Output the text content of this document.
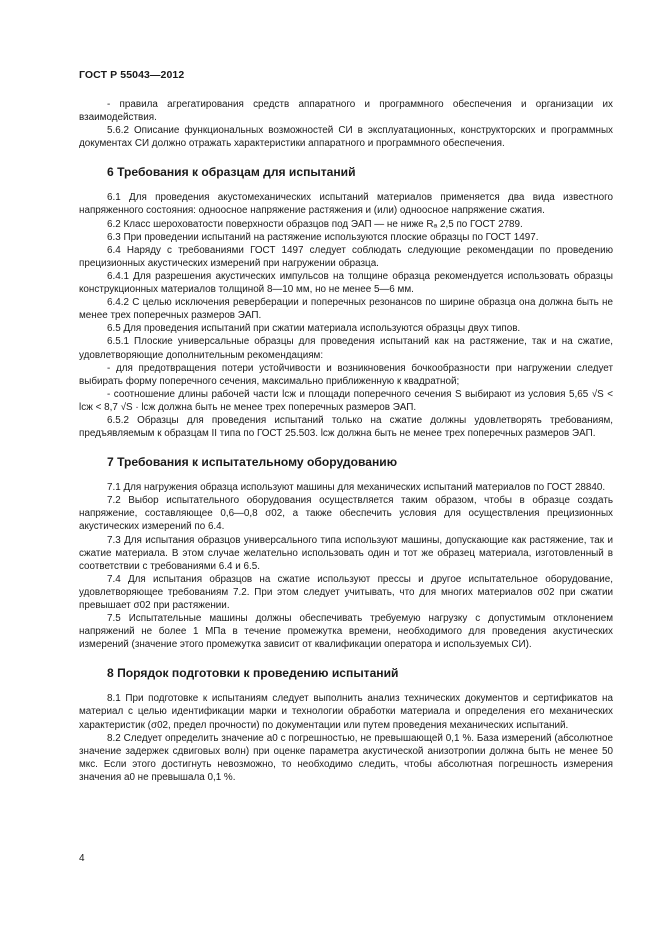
ГОСТ Р 55043—2012

- правила агрегатирования средств аппаратного и программного обеспечения и организации их взаимодействия.

5.6.2 Описание функциональных возможностей СИ в эксплуатационных, конструкторских и программных документах СИ должно отражать характеристики аппаратного и программного обеспечения.

6 Требования к образцам для испытаний

6.1 Для проведения акустомеханических испытаний материалов применяется два вида известного напряженного состояния: одноосное напряжение растяжения и (или) одноосное напряжение сжатия.

6.2 Класс шероховатости поверхности образцов под ЭАП — не ниже Rₐ 2,5 по ГОСТ 2789.

6.3 При проведении испытаний на растяжение используются плоские образцы по ГОСТ 1497.

6.4 Наряду с требованиями ГОСТ 1497 следует соблюдать следующие рекомендации по проведению прецизионных акустических измерений при нагружении образца.

6.4.1 Для разрешения акустических импульсов на толщине образца рекомендуется использовать образцы конструкционных материалов толщиной 8—10 мм, но не менее 5—6 мм.

6.4.2 С целью исключения реверберации и поперечных резонансов по ширине образца она должна быть не менее трех поперечных размеров ЭАП.

6.5 Для проведения испытаний при сжатии материала используются образцы двух типов.

6.5.1 Плоские универсальные образцы для проведения испытаний как на растяжение, так и на сжатие, удовлетворяющие дополнительным рекомендациям:

- для предотвращения потери устойчивости и возникновения бочкообразности при нагружении следует выбирать форму поперечного сечения, максимально приближенную к квадратной;

- соотношение длины рабочей части lсж и площади поперечного сечения S выбирают из условия 5,65 √S < lсж < 8,7 √S · lсж должна быть не менее трех поперечных размеров ЭАП.

6.5.2 Образцы для проведения испытаний только на сжатие должны удовлетворять требованиям, предъявляемым к образцам II типа по ГОСТ 25.503. lсж должна быть не менее трех поперечных размеров ЭАП.

7 Требования к испытательному оборудованию

7.1 Для нагружения образца используют машины для механических испытаний материалов по ГОСТ 28840.

7.2 Выбор испытательного оборудования осуществляется таким образом, чтобы в образце создать напряжение, составляющее 0,6—0,8 σ02, а также обеспечить условия для осуществления прецизионных акустических измерений по 6.4.

7.3 Для испытания образцов универсального типа используют машины, допускающие как растяжение, так и сжатие материала. В этом случае желательно использовать один и тот же образец материала, изготовленный в соответствии с требованиями 6.4 и 6.5.

7.4 Для испытания образцов на сжатие используют прессы и другое испытательное оборудование, удовлетворяющее требованиям 7.2. При этом следует учитывать, что для многих материалов σ02 при сжатии превышает σ02 при растяжении.

7.5 Испытательные машины должны обеспечивать требуемую нагрузку с допустимым отклонением напряжений не более 1 МПа в течение промежутка времени, необходимого для проведения акустических измерений (значение этого промежутка зависит от квалификации оператора и используемых СИ).

8 Порядок подготовки к проведению испытаний

8.1 При подготовке к испытаниям следует выполнить анализ технических документов и сертификатов на материал с целью идентификации марки и технологии обработки материала и определения его механических характеристик (σ02, предел прочности) по документации или путем проведения механических испытаний.

8.2 Следует определить значение a0 с погрешностью, не превышающей 0,1 %. База измерений (абсолютное значение задержек сдвиговых волн) при оценке параметра акустической анизотропии должна быть не менее 50 мкс. Если этого достигнуть невозможно, то необходимо следить, чтобы абсолютная погрешность измерения значения a0 не превышала 0,1 %.

4
